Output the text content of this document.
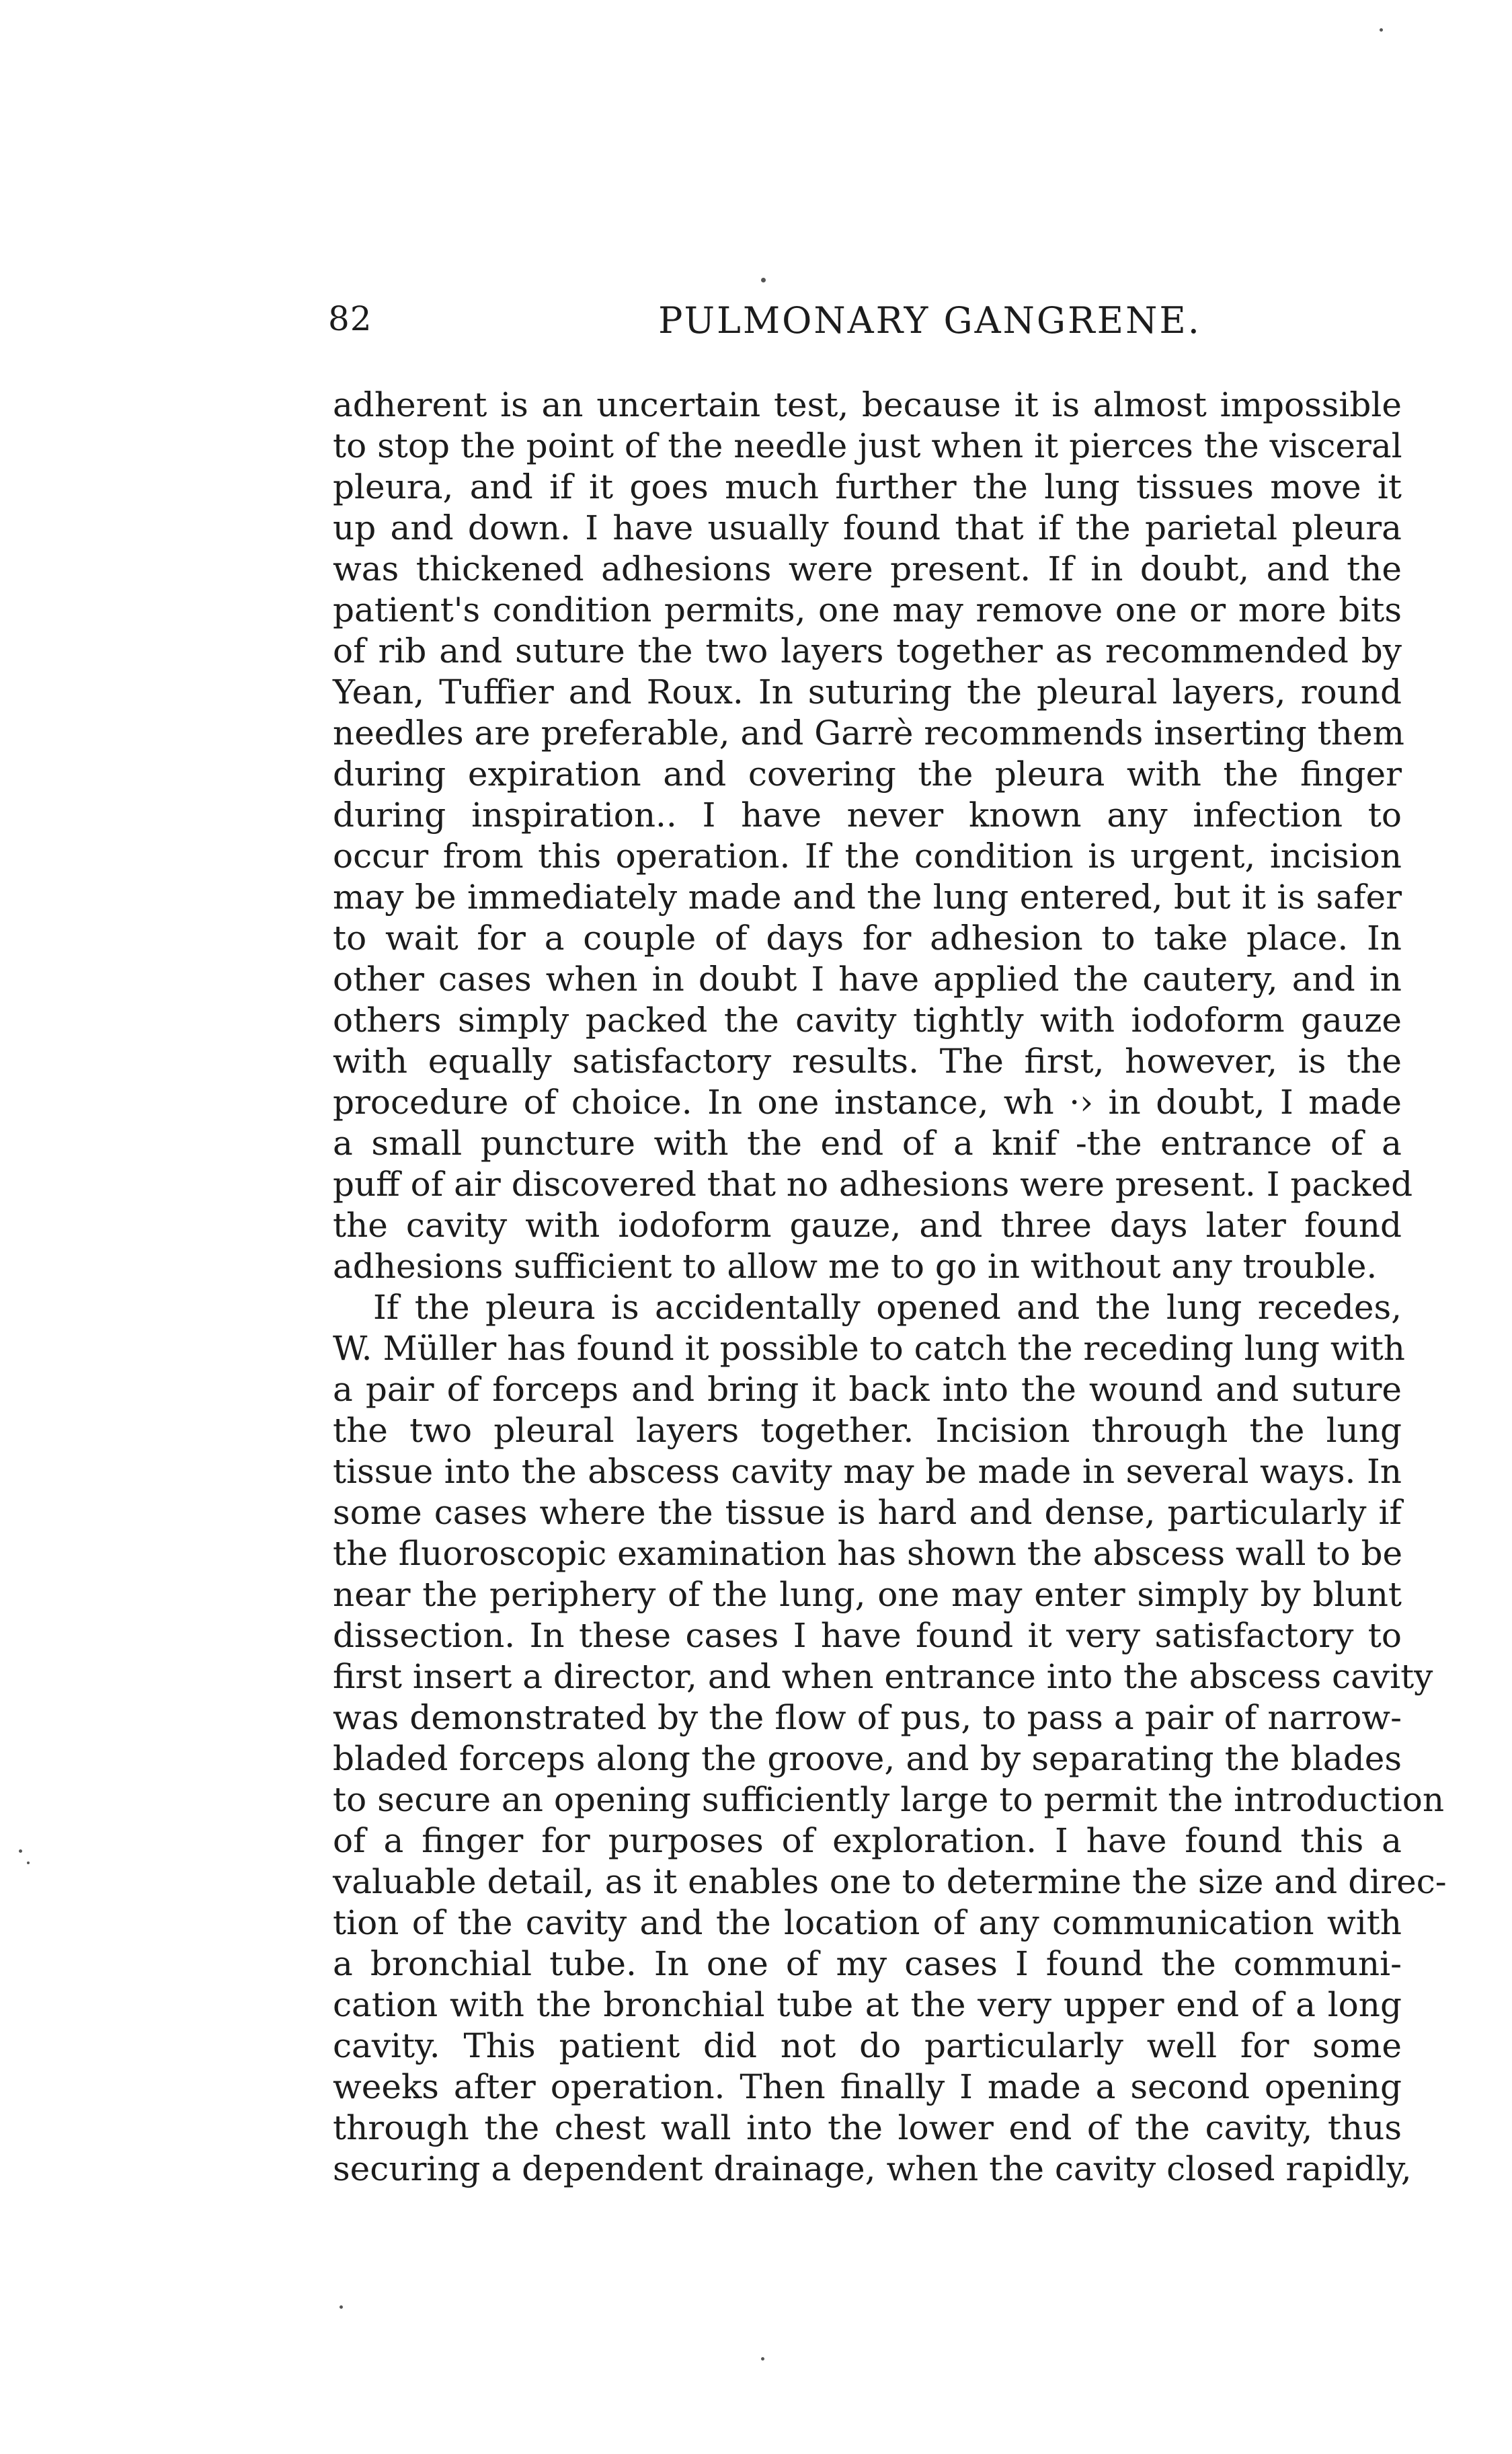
82	PULMONARY GANGRENE.
adherent is an uncertain test, because it is almost impossible
to stop the point of the needle just when it pierces the visceral
pleura, and if it goes much further the lung tissues move it
up and down. I have usually found that if the parietal pleura
was thickened adhesions were present. If in doubt, and the
patient's condition permits, one may remove one or more bits
of rib and suture the two layers together as recommended by
Yean, Tuffier and Roux. In suturing the pleural layers, round
needles are preferable, and Garrè recommends inserting them
during expiration and covering the pleura with the finger
during inspiration.. I have never known any infection to
occur from this operation. If the condition is urgent, incision
may be immediately made and the lung entered, but it is safer
to wait for a couple of days for adhesion to take place. In
other cases when in doubt I have applied the cautery, and in
others simply packed the cavity tightly with iodoform gauze
with equally satisfactory results. The first, however, is the
procedure of choice. In one instance, wh ·› in doubt, I made
a small puncture with the end of a knif -the entrance of a
puff of air discovered that no adhesions were present. I packed
the cavity with iodoform gauze, and three days later found
adhesions sufficient to allow me to go in without any trouble.
If the pleura is accidentally opened and the lung recedes,
W. Müller has found it possible to catch the receding lung with
a pair of forceps and bring it back into the wound and suture
the two pleural layers together. Incision through the lung
tissue into the abscess cavity may be made in several ways. In
some cases where the tissue is hard and dense, particularly if
the fluoroscopic examination has shown the abscess wall to be
near the periphery of the lung, one may enter simply by blunt
dissection. In these cases I have found it very satisfactory to
first insert a director, and when entrance into the abscess cavity
was demonstrated by the flow of pus, to pass a pair of narrow-
bladed forceps along the groove, and by separating the blades
to secure an opening sufficiently large to permit the introduction
of a finger for purposes of exploration. I have found this a
valuable detail, as it enables one to determine the size and direc-
tion of the cavity and the location of any communication with
a bronchial tube. In one of my cases I found the communi-
cation with the bronchial tube at the very upper end of a long
cavity. This patient did not do particularly well for some
weeks after operation. Then finally I made a second opening
through the chest wall into the lower end of the cavity, thus
securing a dependent drainage, when the cavity closed rapidly,
